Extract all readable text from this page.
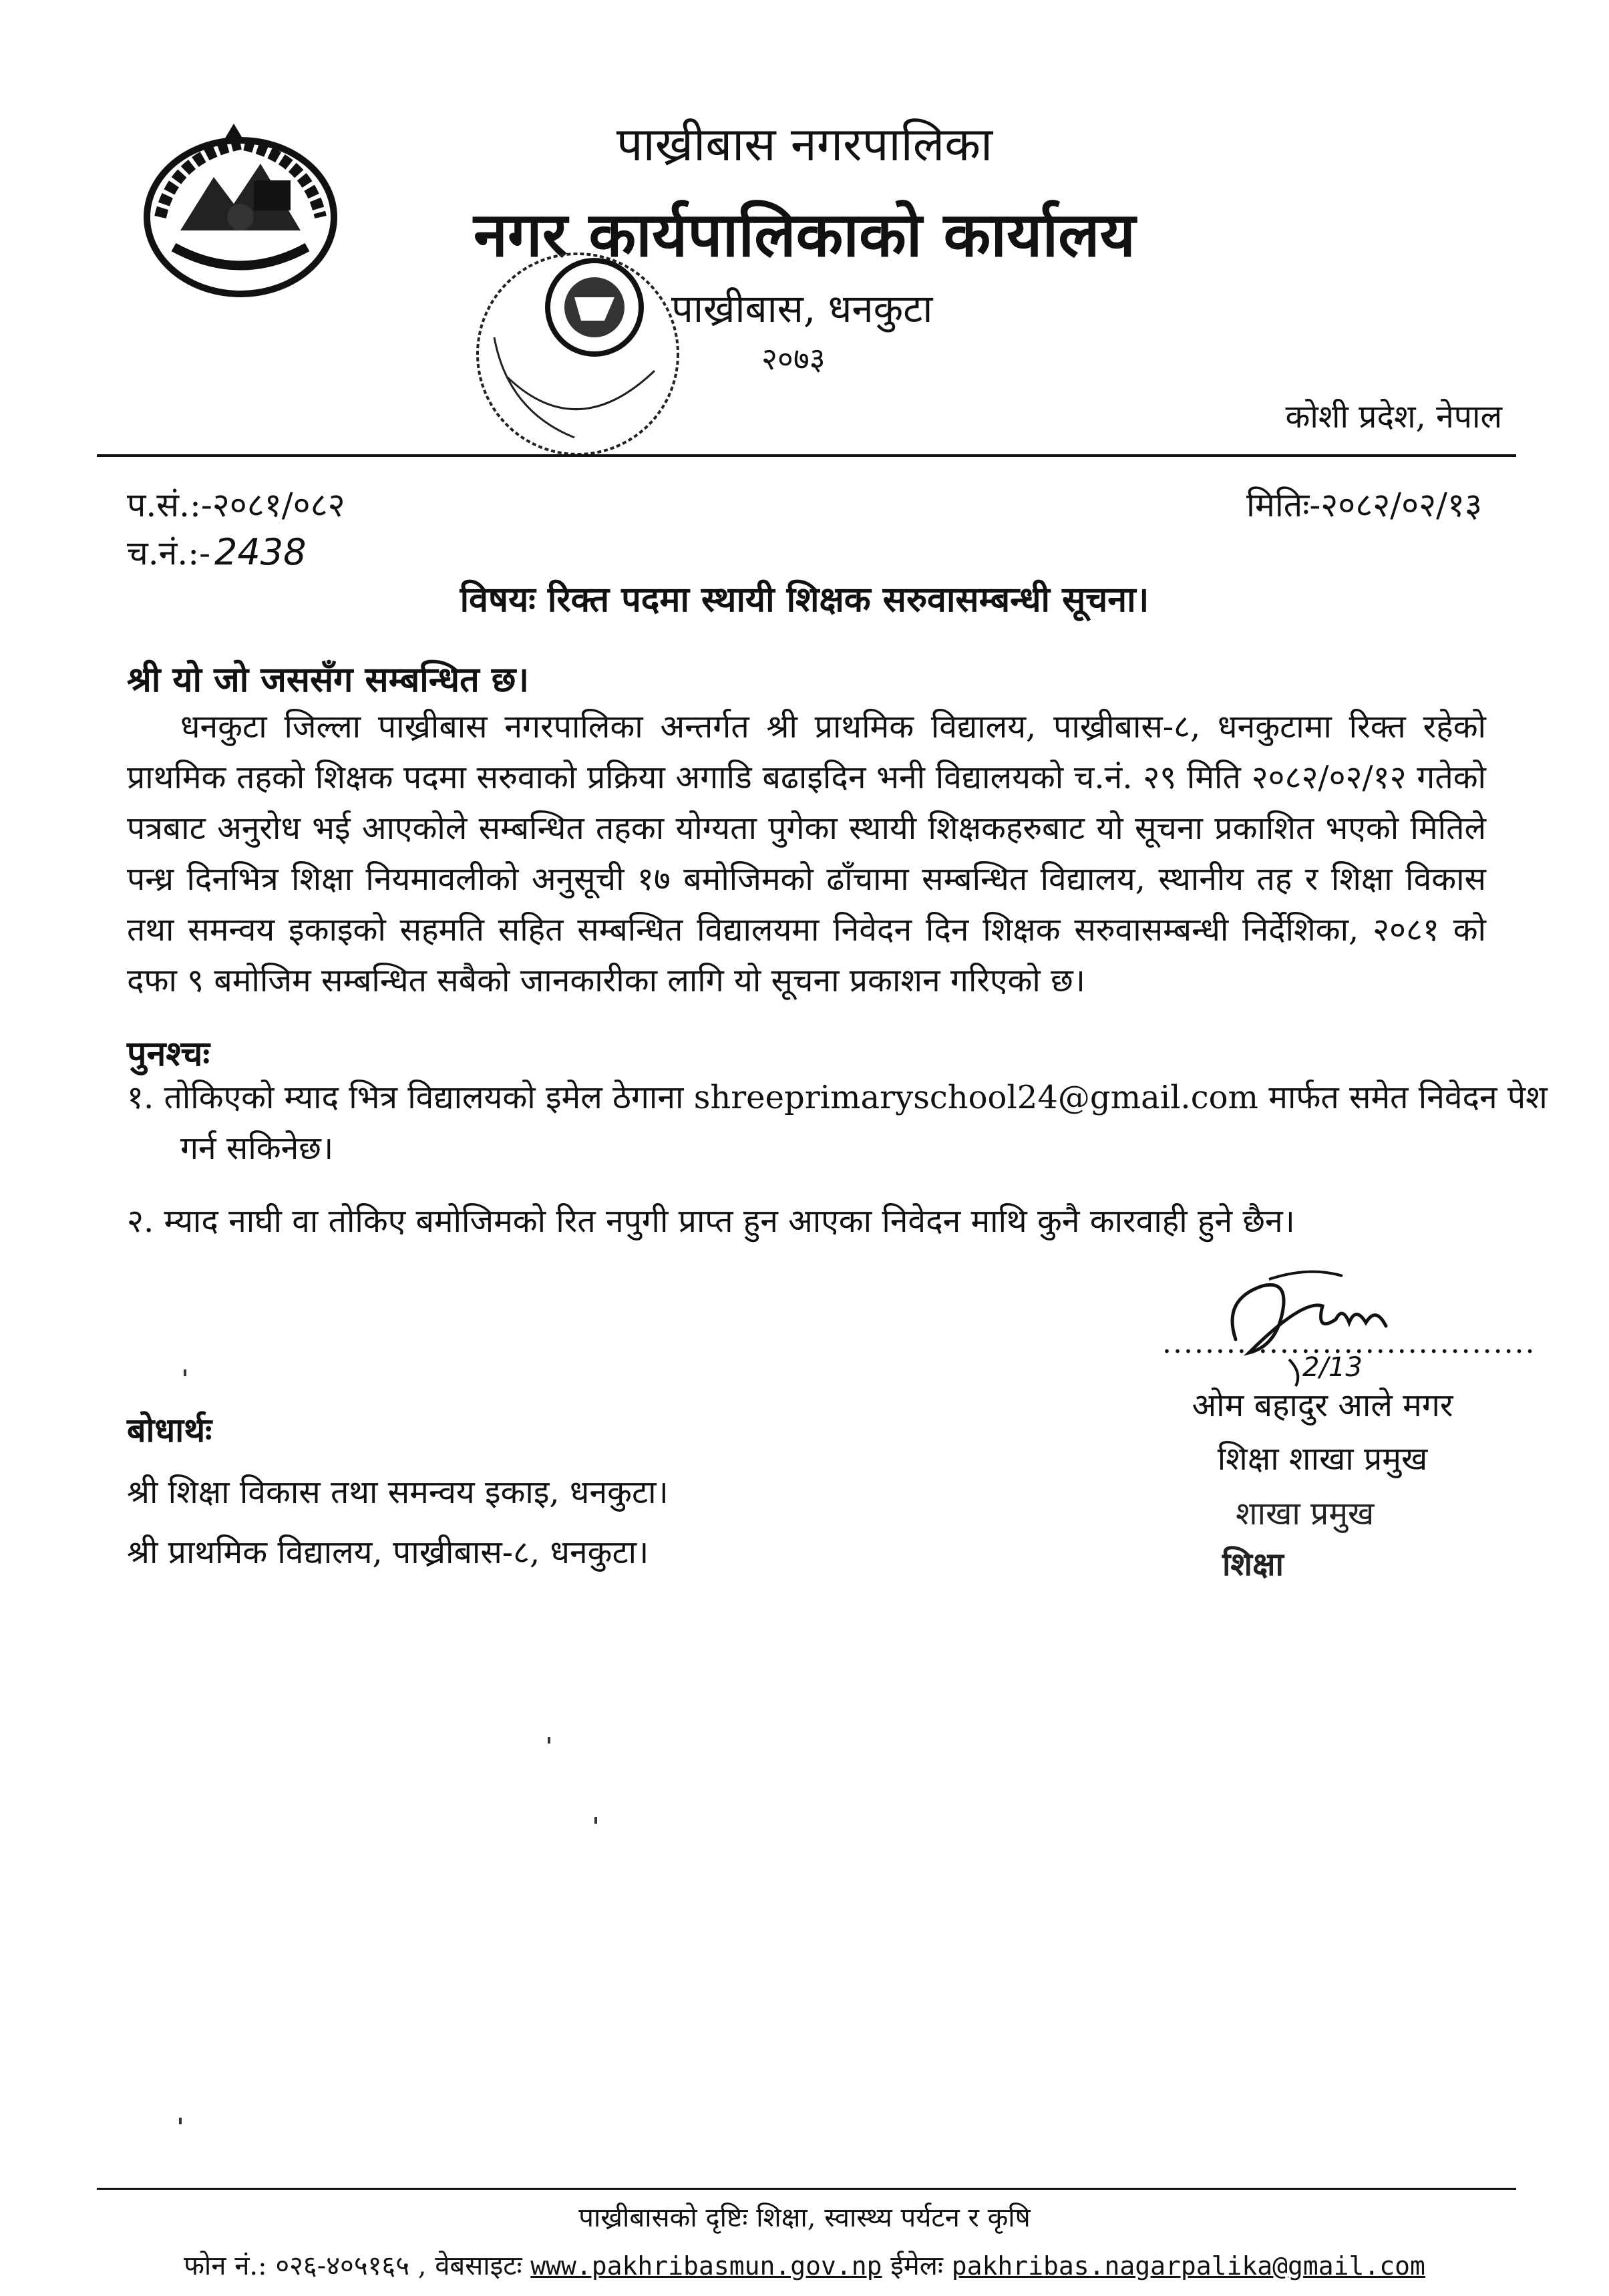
पाख्रीबास नगरपालिका
नगर कार्यपालिकाको कार्यालय
पाख्रीबास, धनकुटा
२०७३
कोशी प्रदेश, नेपाल
प.सं.:-२०८१/०८२
च.नं.:- 2438
मितिः-२०८२/०२/१३
विषयः रिक्त पदमा स्थायी शिक्षक सरुवासम्बन्धी सूचना।
श्री यो जो जससँग सम्बन्धित छ।
धनकुटा जिल्ला पाख्रीबास नगरपालिका अन्तर्गत श्री प्राथमिक विद्यालय, पाख्रीबास-८, धनकुटामा रिक्त रहेको प्राथमिक तहको शिक्षक पदमा सरुवाको प्रक्रिया अगाडि बढाइदिन भनी विद्यालयको च.नं. २९ मिति २०८२/०२/१२ गतेको पत्रबाट अनुरोध भई आएकोले सम्बन्धित तहका योग्यता पुगेका स्थायी शिक्षकहरुबाट यो सूचना प्रकाशित भएको मितिले पन्ध्र दिनभित्र शिक्षा नियमावलीको अनुसूची १७ बमोजिमको ढाँचामा सम्बन्धित विद्यालय, स्थानीय तह र शिक्षा विकास तथा समन्वय इकाइको सहमति सहित सम्बन्धित विद्यालयमा निवेदन दिन शिक्षक सरुवासम्बन्धी निर्देशिका, २०८१ को दफा ९ बमोजिम सम्बन्धित सबैको जानकारीका लागि यो सूचना प्रकाशन गरिएको छ।
पुनश्चः
१. तोकिएको म्याद भित्र विद्यालयको इमेल ठेगाना shreeprimaryschool24@gmail.com मार्फत समेत निवेदन पेश गर्न सकिनेछ।
२. म्याद नाघी वा तोकिए बमोजिमको रित नपुगी प्राप्त हुन आएका निवेदन माथि कुनै कारवाही हुने छैन।
2/13
...................................
ओम बहादुर आले मगर
शिक्षा शाखा प्रमुख
शाखा प्रमुख
शिक्षा
बोधार्थः
श्री शिक्षा विकास तथा समन्वय इकाइ, धनकुटा।
श्री प्राथमिक विद्यालय, पाख्रीबास-८, धनकुटा।
पाख्रीबासको दृष्टिः शिक्षा, स्वास्थ्य पर्यटन र कृषि
फोन नं.: ०२६-४०५१६५ , वेबसाइटः www.pakhribasmun.gov.np ईमेलः pakhribas.nagarpalika@gmail.com
